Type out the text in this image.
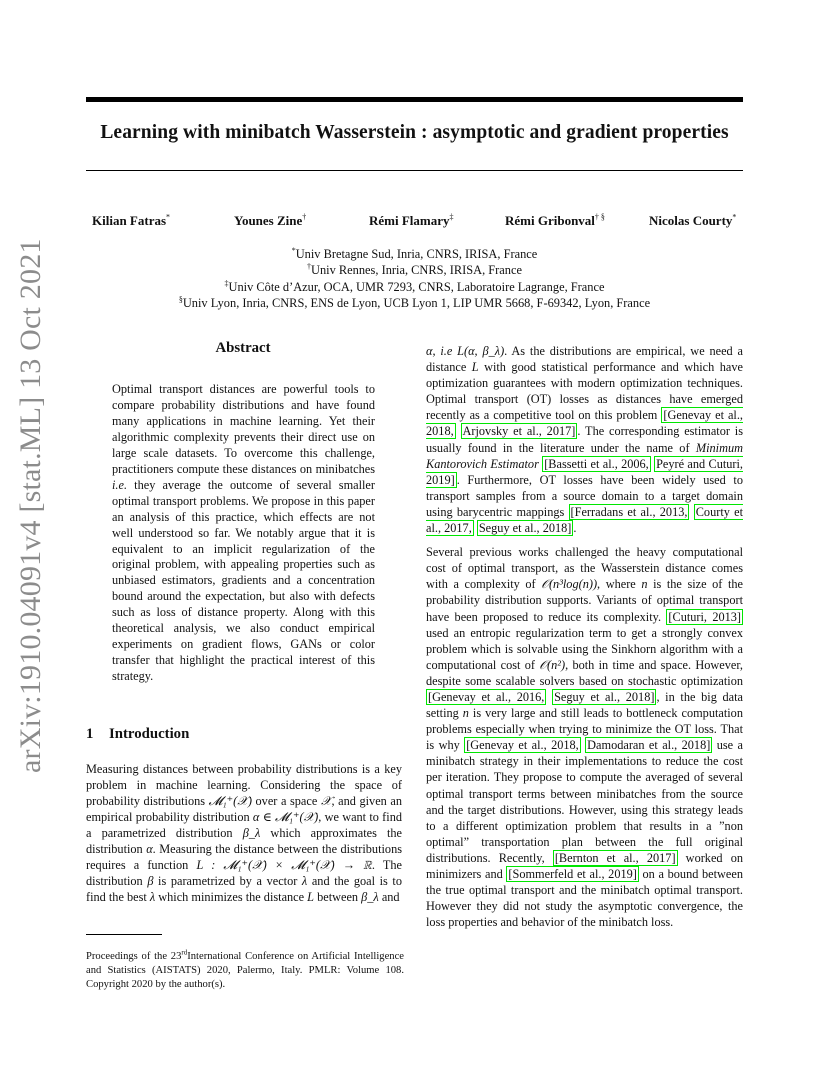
arXiv:1910.04091v4 [stat.ML] 13 Oct 2021
Learning with minibatch Wasserstein : asymptotic and gradient properties
Kilian Fatras*	Younes Zine†	Rémi Flamary‡	Rémi Gribonval† §	Nicolas Courty*
*Univ Bretagne Sud, Inria, CNRS, IRISA, France
†Univ Rennes, Inria, CNRS, IRISA, France
‡Univ Côte d’Azur, OCA, UMR 7293, CNRS, Laboratoire Lagrange, France
§Univ Lyon, Inria, CNRS, ENS de Lyon, UCB Lyon 1, LIP UMR 5668, F-69342, Lyon, France
Abstract
Optimal transport distances are powerful tools to compare probability distributions and have found many applications in machine learning. Yet their algorithmic complexity prevents their direct use on large scale datasets. To overcome this challenge, practitioners compute these distances on minibatches i.e. they average the outcome of several smaller optimal transport problems. We propose in this paper an analysis of this practice, which effects are not well understood so far. We notably argue that it is equivalent to an implicit regularization of the original problem, with appealing properties such as unbiased estimators, gradients and a concentration bound around the expectation, but also with defects such as loss of distance property. Along with this theoretical analysis, we also conduct empirical experiments on gradient flows, GANs or color transfer that highlight the practical interest of this strategy.
1 Introduction
Measuring distances between probability distributions is a key problem in machine learning. Considering the space of probability distributions 𝓜₁⁺(𝒳) over a space 𝒳, and given an empirical probability distribution α ∈ 𝓜₁⁺(𝒳), we want to find a parametrized distribution β_λ which approximates the distribution α. Measuring the distance between the distributions requires a function L : 𝓜₁⁺(𝒳) × 𝓜₁⁺(𝒳) → ℝ. The distribution β is parametrized by a vector λ and the goal is to find the best λ which minimizes the distance L between β_λ and
Proceedings of the 23rdInternational Conference on Artificial Intelligence and Statistics (AISTATS) 2020, Palermo, Italy. PMLR: Volume 108. Copyright 2020 by the author(s).

α, i.e L(α, β_λ). As the distributions are empirical, we need a distance L with good statistical performance and which have optimization guarantees with modern optimization techniques. Optimal transport (OT) losses as distances have emerged recently as a competitive tool on this problem [Genevay et al., 2018, Arjovsky et al., 2017] . The corresponding estimator is usually found in the literature under the name of Minimum Kantorovich Estimator [Bassetti et al., 2006, Peyré and Cuturi, 2019] . Furthermore, OT losses have been widely used to transport samples from a source domain to a target domain using barycentric mappings [Ferradans et al., 2013, Courty et al., 2017, Seguy et al., 2018] .

Several previous works challenged the heavy computational cost of optimal transport, as the Wasserstein distance comes with a complexity of 𝒪(n³log(n)), where n is the size of the probability distribution supports. Variants of optimal transport have been proposed to reduce its complexity. [Cuturi, 2013] used an entropic regularization term to get a strongly convex problem which is solvable using the Sinkhorn algorithm with a computational cost of 𝒪(n²), both in time and space. However, despite some scalable solvers based on stochastic optimization [Genevay et al., 2016, Seguy et al., 2018] , in the big data setting n is very large and still leads to bottleneck computation problems especially when trying to minimize the OT loss. That is why [Genevay et al., 2018, Damodaran et al., 2018] use a minibatch strategy in their implementations to reduce the cost per iteration. They propose to compute the averaged of several optimal transport terms between minibatches from the source and the target distributions. However, using this strategy leads to a different optimization problem that results in a ”non optimal” transportation plan between the full original distributions. Recently, [Bernton et al., 2017] worked on minimizers and [Sommerfeld et al., 2019] on a bound between the true optimal transport and the minibatch optimal transport. However they did not study the asymptotic convergence, the loss properties and behavior of the minibatch loss.
